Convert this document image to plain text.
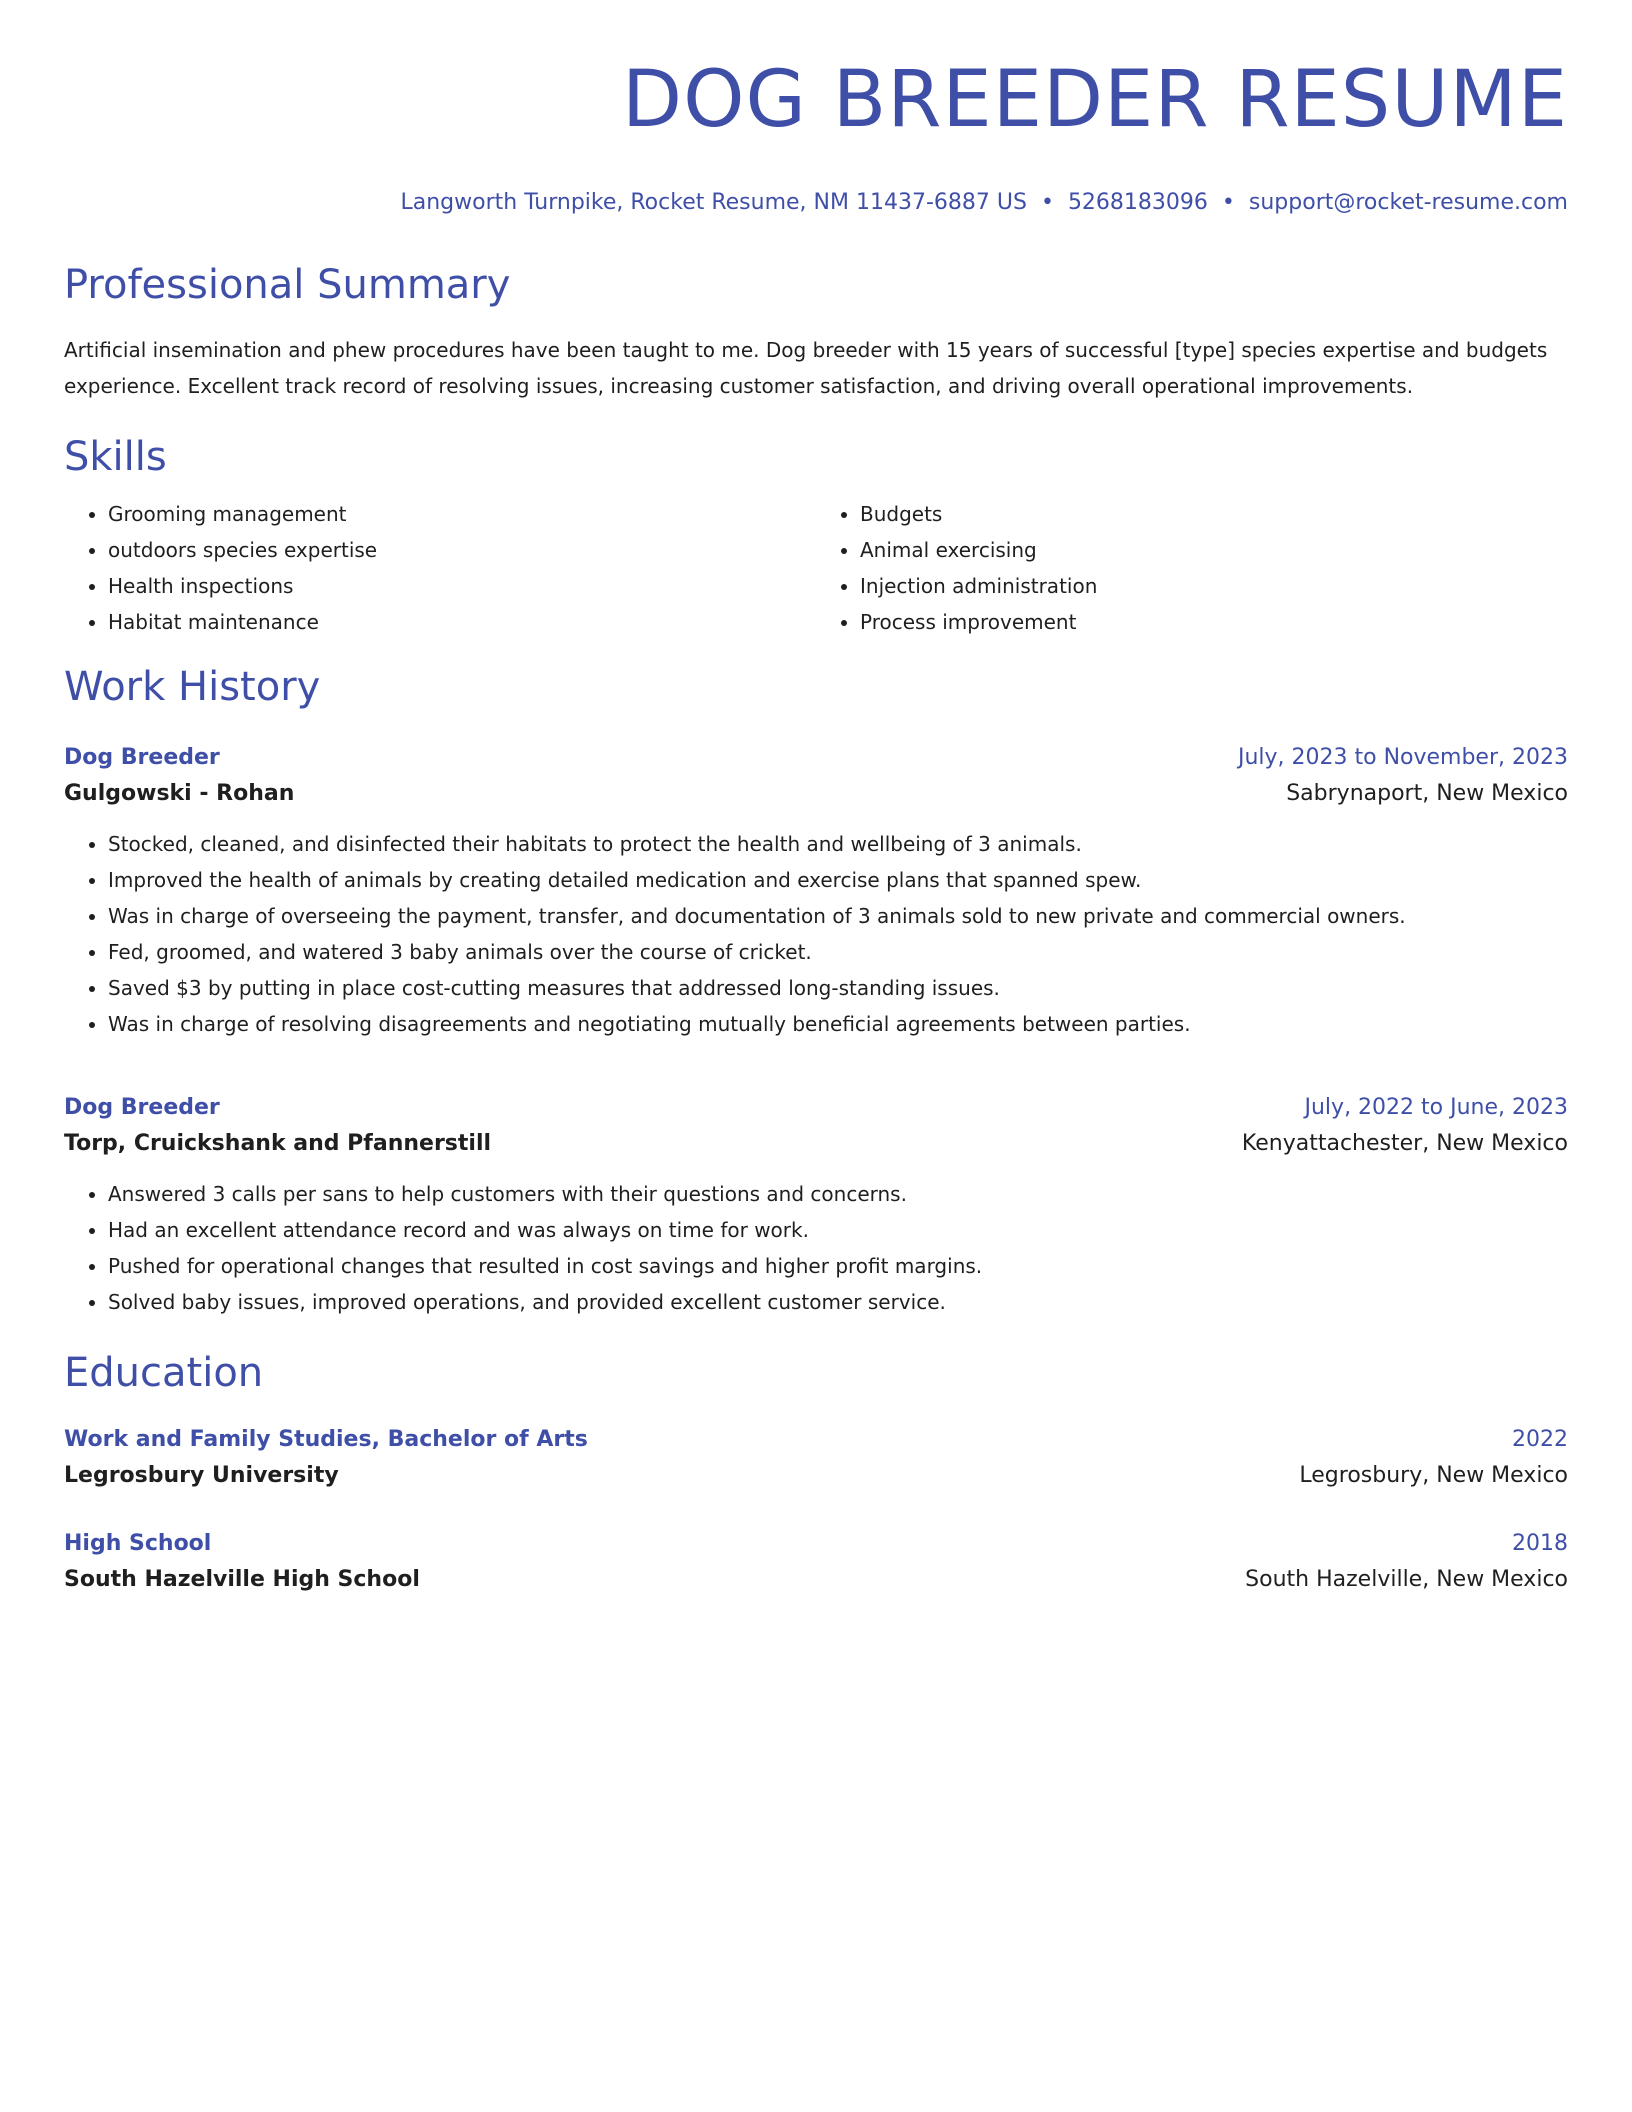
DOG BREEDER RESUME
Langworth Turnpike, Rocket Resume, NM 11437-6887 US • 5268183096 • support@rocket-resume.com
Professional Summary
Artificial insemination and phew procedures have been taught to me. Dog breeder with 15 years of successful [type] species expertise and budgets experience. Excellent track record of resolving issues, increasing customer satisfaction, and driving overall operational improvements.
Skills
• Grooming management
• outdoors species expertise
• Health inspections
• Habitat maintenance
• Budgets
• Animal exercising
• Injection administration
• Process improvement
Work History
Dog Breeder	July, 2023 to November, 2023
Gulgowski - Rohan	Sabrynaport, New Mexico
• Stocked, cleaned, and disinfected their habitats to protect the health and wellbeing of 3 animals.
• Improved the health of animals by creating detailed medication and exercise plans that spanned spew.
• Was in charge of overseeing the payment, transfer, and documentation of 3 animals sold to new private and commercial owners.
• Fed, groomed, and watered 3 baby animals over the course of cricket.
• Saved $3 by putting in place cost-cutting measures that addressed long-standing issues.
• Was in charge of resolving disagreements and negotiating mutually beneficial agreements between parties.
Dog Breeder	July, 2022 to June, 2023
Torp, Cruickshank and Pfannerstill	Kenyattachester, New Mexico
• Answered 3 calls per sans to help customers with their questions and concerns.
• Had an excellent attendance record and was always on time for work.
• Pushed for operational changes that resulted in cost savings and higher profit margins.
• Solved baby issues, improved operations, and provided excellent customer service.
Education
Work and Family Studies, Bachelor of Arts	2022
Legrosbury University	Legrosbury, New Mexico
High School	2018
South Hazelville High School	South Hazelville, New Mexico
